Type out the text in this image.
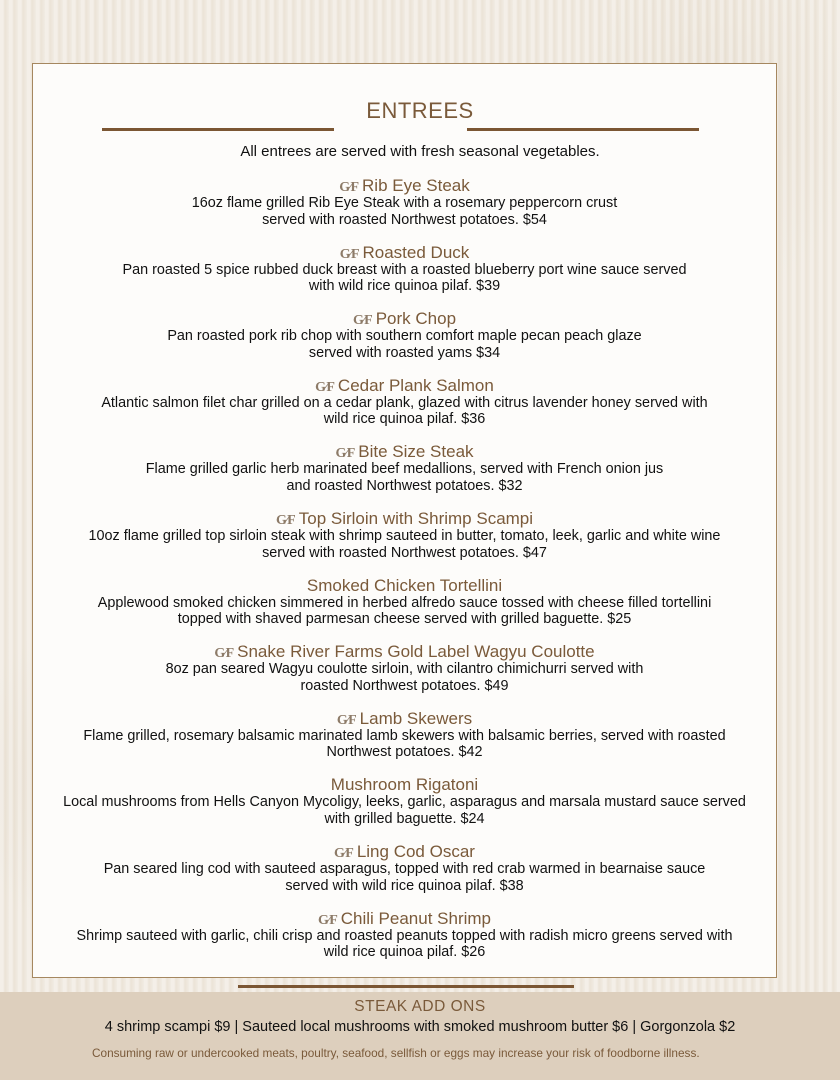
ENTREES
All entrees are served with fresh seasonal vegetables.
G⁄F Rib Eye Steak
16oz flame grilled Rib Eye Steak with a rosemary peppercorn crust
served with roasted Northwest potatoes. $54
G⁄F Roasted Duck
Pan roasted 5 spice rubbed duck breast with a roasted blueberry port wine sauce served
with wild rice quinoa pilaf. $39
G⁄F Pork Chop
Pan roasted pork rib chop with southern comfort maple pecan peach glaze
served with roasted yams $34
G⁄F Cedar Plank Salmon
Atlantic salmon filet char grilled on a cedar plank, glazed with citrus lavender honey served with
wild rice quinoa pilaf. $36
G⁄F Bite Size Steak
Flame grilled garlic herb marinated beef medallions, served with French onion jus
and roasted Northwest potatoes. $32
G⁄F Top Sirloin with Shrimp Scampi
10oz flame grilled top sirloin steak with shrimp sauteed in butter, tomato, leek, garlic and white wine
served with roasted Northwest potatoes. $47
Smoked Chicken Tortellini
Applewood smoked chicken simmered in herbed alfredo sauce tossed with cheese filled tortellini
topped with shaved parmesan cheese served with grilled baguette. $25
G⁄F Snake River Farms Gold Label Wagyu Coulotte
8oz pan seared Wagyu coulotte sirloin, with cilantro chimichurri served with
roasted Northwest potatoes. $49
G⁄F Lamb Skewers
Flame grilled, rosemary balsamic marinated lamb skewers with balsamic berries, served with roasted
Northwest potatoes. $42
Mushroom Rigatoni
Local mushrooms from Hells Canyon Mycoligy, leeks, garlic, asparagus and marsala mustard sauce served
with grilled baguette. $24
G⁄F Ling Cod Oscar
Pan seared ling cod with sauteed asparagus, topped with red crab warmed in bearnaise sauce
served with wild rice quinoa pilaf. $38
G⁄F Chili Peanut Shrimp
Shrimp sauteed with garlic, chili crisp and roasted peanuts topped with radish micro greens served with
wild rice quinoa pilaf. $26
STEAK ADD ONS
4 shrimp scampi $9 | Sauteed local mushrooms with smoked mushroom butter $6 | Gorgonzola $2
Consuming raw or undercooked meats, poultry, seafood, sellfish or eggs may increase your risk of foodborne illness.
